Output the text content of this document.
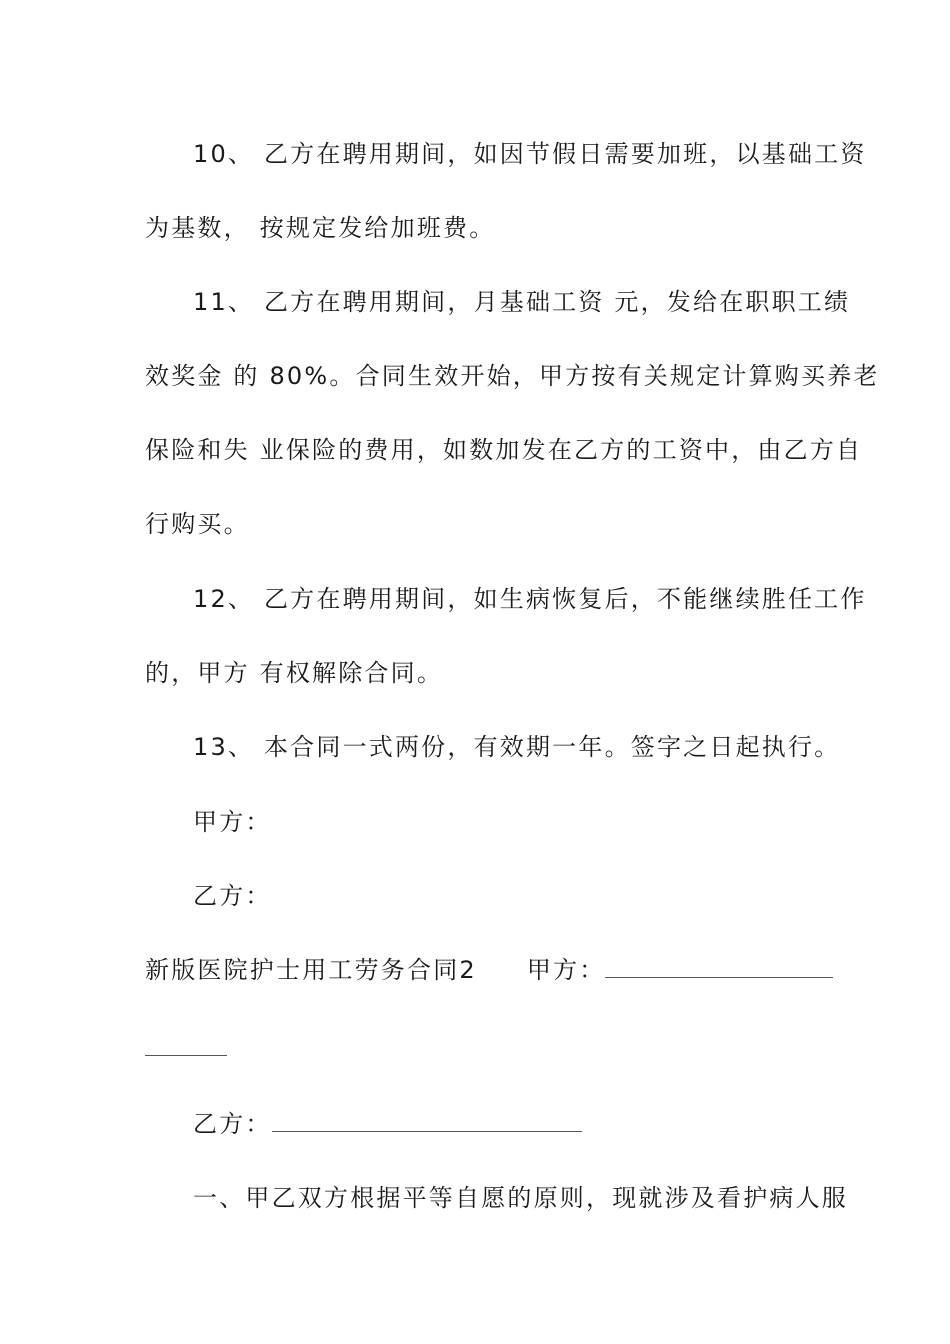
10、 乙方在聘用期间，如因节假日需要加班，以基础工资
为基数， 按规定发给加班费。
11、 乙方在聘用期间，月基础工资 元，发给在职职工绩
效奖金 的 80%。合同生效开始，甲方按有关规定计算购买养老
保险和失 业保险的费用，如数加发在乙方的工资中，由乙方自
行购买。
12、 乙方在聘用期间，如生病恢复后，不能继续胜任工作
的，甲方 有权解除合同。
13、 本合同一式两份，有效期一年。签字之日起执行。
甲方：
乙方：
新版医院护士用工劳务合同2 甲方：
乙方：
一、甲乙双方根据平等自愿的原则，现就涉及看护病人服
